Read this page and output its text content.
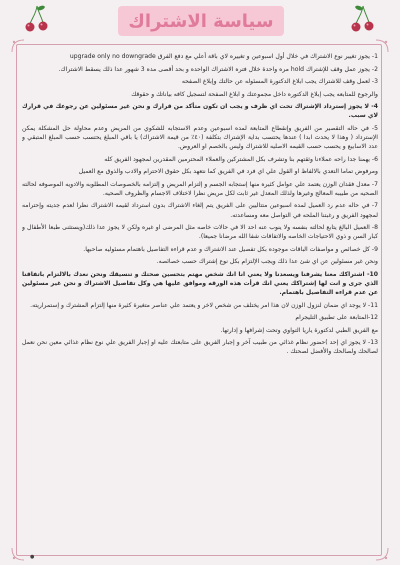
سياسة الاشتراك

1- يجوز تغيير نوع الاشتراك في خلال أول اسبوعين و تغييره لاي باقة أعلي مع دفع الفرق upgrade only no downgrade

2- يجوز عمل وقف للإشتراك hold مره واحدة خلال فتره الاشتراك الواحده و بحد أقصى مده 3 شهور عدا ذلك يسقط الاشتراك.

3- لعمل وقف للاشتراك يجب ابلاغ الدكتورة المسئوله عن حالتك وإبلاغ الصفحه

والرجوع للمتابعه يجب إبلاغ الدكتوره داخل مجموعتك و ابلاغ الصفحة لتسجيل كافه بياناتك و حقوقك

4- لا يجوز إسترداد الإشتراك تحت اي ظرف و يجب ان تكون متأكد من قرارك و نحن غير مسئولين عن رجوعك في قرارك لاي سبب.

5- في حاله التقصير من الفريق وإنقطاع المتابعة لمده اسبوعين وعدم الاستجابه للشكوي من المريض وعدم محاولة حل المشكلة يمكن الإسترداد ( وهذا لا يحدث ابدا ) عندها يحتسب بداية الإشتراك بتكلفة (٤٠٪ من قيمة الاشتراك) يا باقي المبلغ يحتسب حسب المبلغ المتبقي و عدد الاسابيع و يحسب حسب القيمه الاصليه للاشتراك وليس بالخصم او العروض.

6- يهمنا جدا راحه عملاءنا وثقتهم بنا وتشرف بكل المشتركين والعملاء المحترمين المقدرين لمجهود الفريق كله

ومرفوض تماما التعدي بالالفاظ او القول علي اي فرد في الفريق كما نتعهد بكل حقوق الاحترام والادب والذوق مع العميل

7- معدل فقدان الوزن يعتمد علي عوامل كثيره منها إستجابه الجسم و إلتزام المريض و إلتزامه بالخصوصات المطلوبه والادويه الموصوفه لحالته الصحيه من طبيبه المعالج وغيرها ولذلك المعدل غير ثابت لكل مريض نظرا لاختلاف الاجسام والظروف الصحيه.

7- في حاله عدم رد العميل لمده اسبوعين متتاليين على الفريق يتم إلغاء الاشتراك بدون استرداد لقيمه الاشتراك نظرا لعدم جديته وإحترامه لمجهود الفريق و رغبتنا الملحه في التواصل معه ومساعدته.

8- العميل البالغ يتابع لحالته بنفسه ولا ينوب عنه احد الا في حالات خاصه مثل المرضى او غيره ولكن لا يجوز عدا ذلك(ويستثنى طبعا الأطفال و كبار السن و ذوي الاحتياجات الخاصه والاتفاقات شفا الله مرضانا جميعا).

9- كل خصائص و مواصفات الباقات موجوده بكل تفصيل عند الاشتراك و عدم قراءه التفاصيل باهتمام مسئوليه صاحبها.

ونحن غير مسئولين عن اي شئ عدا ذلك ويجب الإلتزام بكل نوع إشتراك حسب خصائصه.

10- اشتراكك معنا يشرفنا ويسعدنا ولا يعني انا انك شخص مهتم بتحسين صحتك و تنسيقك ونحن نعدك بالالتزام باتفاقنا الذي جرى و انت لها إشتراكك يعني انك قرأت هذه الورقه وموافق عليها هي وكل تفاصيل الاشتراك و نحن غير مسئولين عن عدم قراءه التفاصيل باهتمام.

11- لا يوجد اي ضمان لنزول الوزن لان هذا امر يختلف من شخص لاخر و يعتمد علي عناصر متغيرة كثيرة منها إلتزام المشترك و إستمراريته.

12-المتابعة على تطبيق التليجرام

مع الفريق الطبي لدكتورة ياريا التواوي وتحت إشرافها و إدارتها.

13- لا يجوز اي إحد )حضور نظام غذائي من طبيب آخر و إجبار الفريق على متابعتك عليه او إجبار الفريق علي نوع نظام غذائي معين نحن نعمل لصالحك ولصالحك والأفضل لصحتك .

●
